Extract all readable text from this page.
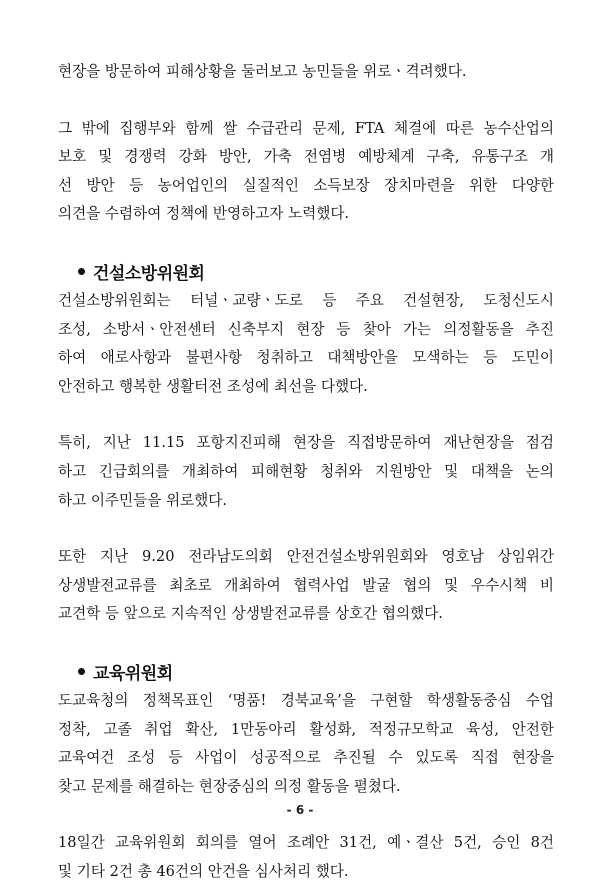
현장을 방문하여 피해상황을 둘러보고 농민들을 위로ㆍ격려했다.

그 밖에 집행부와 함께 쌀 수급관리 문제, FTA 체결에 따른 농수산업의
보호 및 경쟁력 강화 방안, 가축 전염병 예방체계 구축, 유통구조 개
선 방안 등 농어업인의 실질적인 소득보장 장치마련을 위한 다양한
의견을 수렴하여 정책에 반영하고자 노력했다.

건설소방위원회

건설소방위원회는 터널ㆍ교량ㆍ도로 등 주요 건설현장, 도청신도시
조성, 소방서ㆍ안전센터 신축부지 현장 등 찾아 가는 의정활동을 추진
하여 애로사항과 불편사항 청취하고 대책방안을 모색하는 등 도민이
안전하고 행복한 생활터전 조성에 최선을 다했다.

특히, 지난 11.15 포항지진피해 현장을 직접방문하여 재난현장을 점검
하고 긴급회의를 개최하여 피해현황 청취와 지원방안 및 대책을 논의
하고 이주민들을 위로했다.

또한 지난 9.20 전라남도의회 안전건설소방위원회와 영호남 상임위간
상생발전교류를 최초로 개최하여 협력사업 발굴 협의 및 우수시책 비
교견학 등 앞으로 지속적인 상생발전교류를 상호간 협의했다.

교육위원회

도교육청의 정책목표인 ‘명품! 경북교육’을 구현할 학생활동중심 수업
정착, 고졸 취업 확산, 1만동아리 활성화, 적정규모학교 육성, 안전한
교육여건 조성 등 사업이 성공적으로 추진될 수 있도록 직접 현장을
찾고 문제를 해결하는 현장중심의 의정 활동을 펼쳤다.

18일간 교육위원회 회의를 열어 조례안 31건, 예ㆍ결산 5건, 승인 8건
및 기타 2건 총 46건의 안건을 심사처리 했다.

- 6 -
